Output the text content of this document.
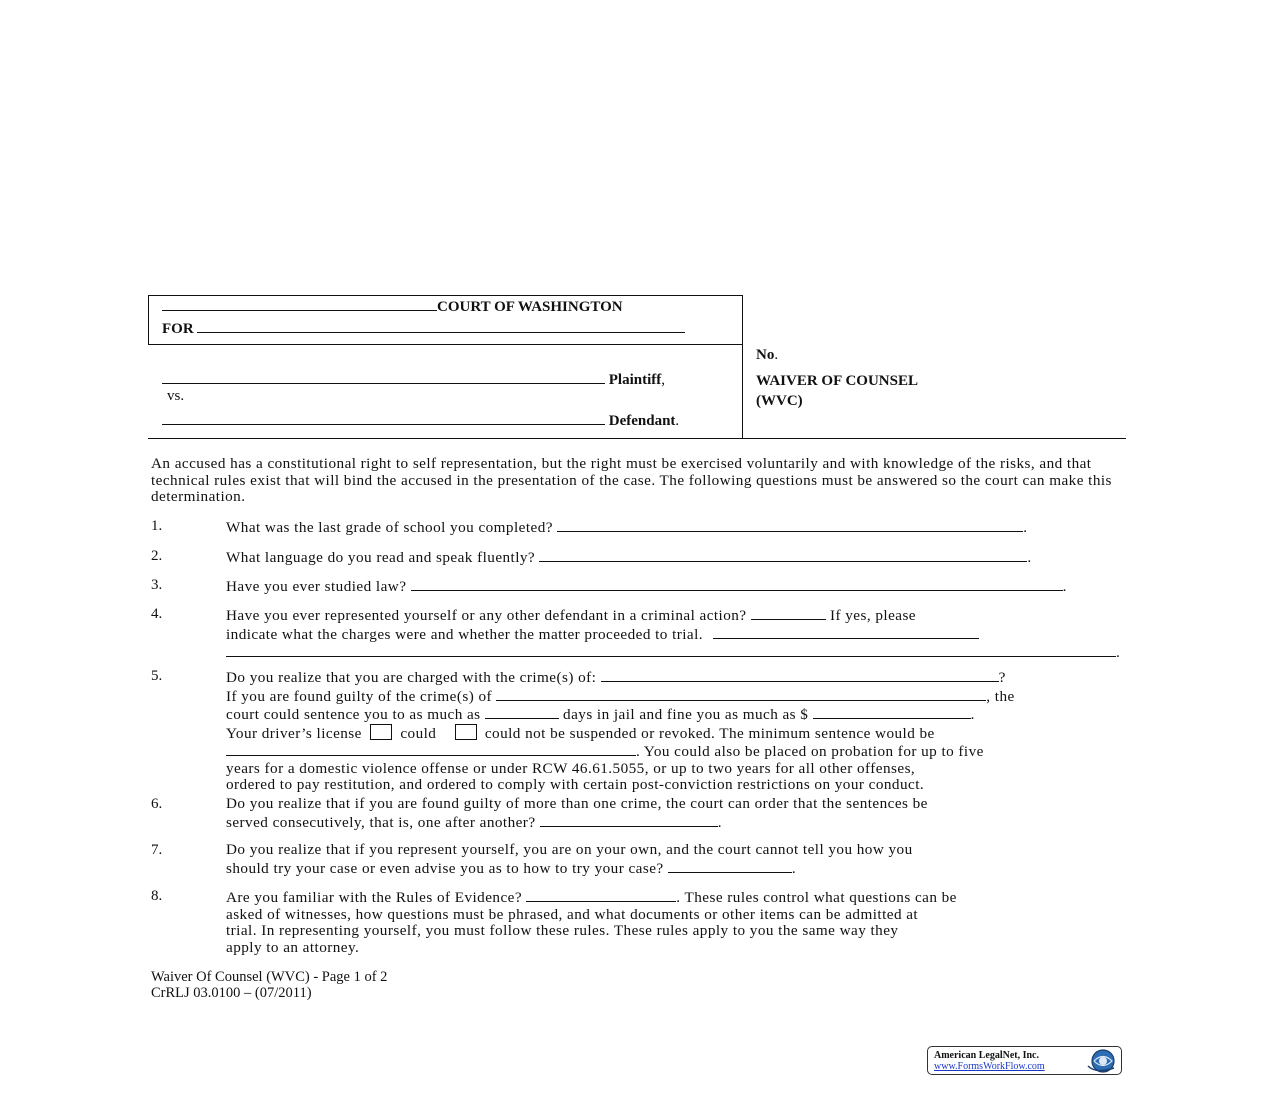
COURT OF WASHINGTON
FOR
Plaintiff,
vs.
Defendant.
No.
WAIVER OF COUNSEL
(WVC)
An accused has a constitutional right to self representation, but the right must be exercised voluntarily and with knowledge of the risks, and that technical rules exist that will bind the accused in the presentation of the case. The following questions must be answered so the court can make this determination.
1.	What was the last grade of school you completed?	.
2.	What language do you read and speak fluently?	.
3.	Have you ever studied law?	.
4.	Have you ever represented yourself or any other defendant in a criminal action?	If yes, please
indicate what the charges were and whether the matter proceeded to trial.
.
5.	Do you realize that you are charged with the crime(s) of:	?
If you are found guilty of the crime(s) of	, the
court could sentence you to as much as	days in jail and fine you as much as $	.
Your driver’s license	could	could not be suspended or revoked. The minimum sentence would be
. You could also be placed on probation for up to five
years for a domestic violence offense or under RCW 46.61.5055, or up to two years for all other offenses,
ordered to pay restitution, and ordered to comply with certain post-conviction restrictions on your conduct.
6.	Do you realize that if you are found guilty of more than one crime, the court can order that the sentences be
served consecutively, that is, one after another?	.
7.	Do you realize that if you represent yourself, you are on your own, and the court cannot tell you how you
should try your case or even advise you as to how to try your case?	.
8.	Are you familiar with the Rules of Evidence?	. These rules control what questions can be
asked of witnesses, how questions must be phrased, and what documents or other items can be admitted at
trial. In representing yourself, you must follow these rules. These rules apply to you the same way they
apply to an attorney.
Waiver Of Counsel (WVC) - Page 1 of 2
CrRLJ 03.0100 – (07/2011)
American LegalNet, Inc.
www.FormsWorkFlow.com
